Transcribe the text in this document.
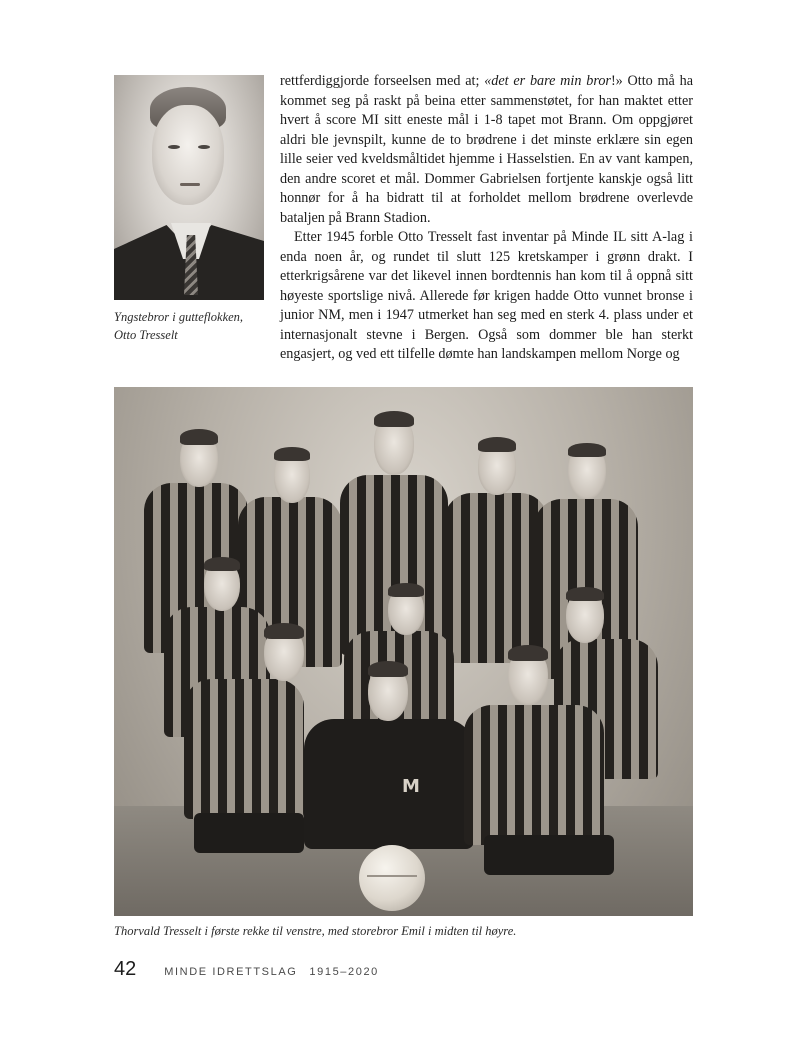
Yngstebror i gutteflokken,
Otto Tresselt

rettferdiggjorde forseelsen med at; «det er bare min bror!» Otto må ha kommet seg på raskt på beina etter sammenstøtet, for han maktet etter hvert å score MI sitt eneste mål i 1-8 tapet mot Brann. Om oppgjøret aldri ble jevnspilt, kunne de to brødrene i det minste erklære sin egen lille seier ved kveldsmåltidet hjemme i Hasselstien. En av vant kampen, den andre scoret et mål. Dommer Gabrielsen fortjente kanskje også litt honnør for å ha bidratt til at forholdet mellom brødrene overlevde bataljen på Brann Stadion.

Etter 1945 forble Otto Tresselt fast inventar på Minde IL sitt A-lag i enda noen år, og rundet til slutt 125 kretskamper i grønn drakt. I etterkrigsårene var det likevel innen bordtennis han kom til å oppnå sitt høyeste sportslige nivå. Allerede før krigen hadde Otto vunnet bronse i junior NM, men i 1947 utmerket han seg med en sterk 4. plass under et internasjonalt stevne i Bergen. Også som dommer ble han sterkt engasjert, og ved ett tilfelle dømte han landskampen mellom Norge og

M
Thorvald Tresselt i første rekke til venstre, med storebror Emil i midten til høyre.
42	MINDE IDRETTSLAG 1915–2020
